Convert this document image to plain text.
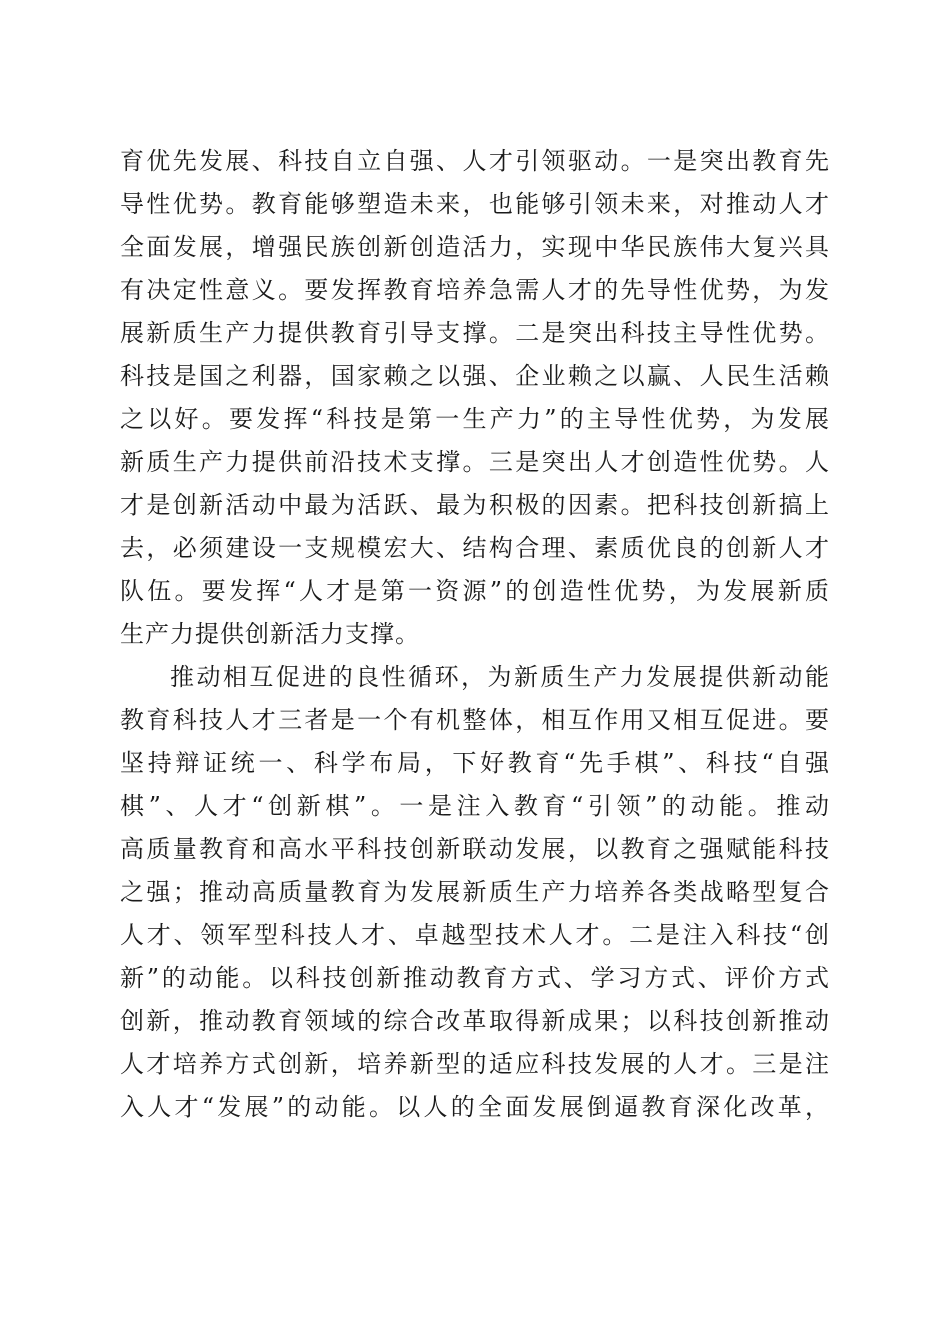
育优先发展、科技自立自强、人才引领驱动。一是突出教育先
导性优势。教育能够塑造未来，也能够引领未来，对推动人才
全面发展，增强民族创新创造活力，实现中华民族伟大复兴具
有决定性意义。要发挥教育培养急需人才的先导性优势，为发
展新质生产力提供教育引导支撑。二是突出科技主导性优势。
科技是国之利器，国家赖之以强、企业赖之以赢、人民生活赖
之以好。要发挥“科技是第一生产力”的主导性优势，为发展
新质生产力提供前沿技术支撑。三是突出人才创造性优势。人
才是创新活动中最为活跃、最为积极的因素。把科技创新搞上
去，必须建设一支规模宏大、结构合理、素质优良的创新人才
队伍。要发挥“人才是第一资源”的创造性优势，为发展新质
生产力提供创新活力支撑。
推动相互促进的良性循环，为新质生产力发展提供新动能
教育科技人才三者是一个有机整体，相互作用又相互促进。要
坚持辩证统一、科学布局，下好教育“先手棋”、科技“自强
棋”、人才“创新棋”。一是注入教育“引领”的动能。推动
高质量教育和高水平科技创新联动发展，以教育之强赋能科技
之强；推动高质量教育为发展新质生产力培养各类战略型复合
人才、领军型科技人才、卓越型技术人才。二是注入科技“创
新”的动能。以科技创新推动教育方式、学习方式、评价方式
创新，推动教育领域的综合改革取得新成果；以科技创新推动
人才培养方式创新，培养新型的适应科技发展的人才。三是注
入人才“发展”的动能。以人的全面发展倒逼教育深化改革，
